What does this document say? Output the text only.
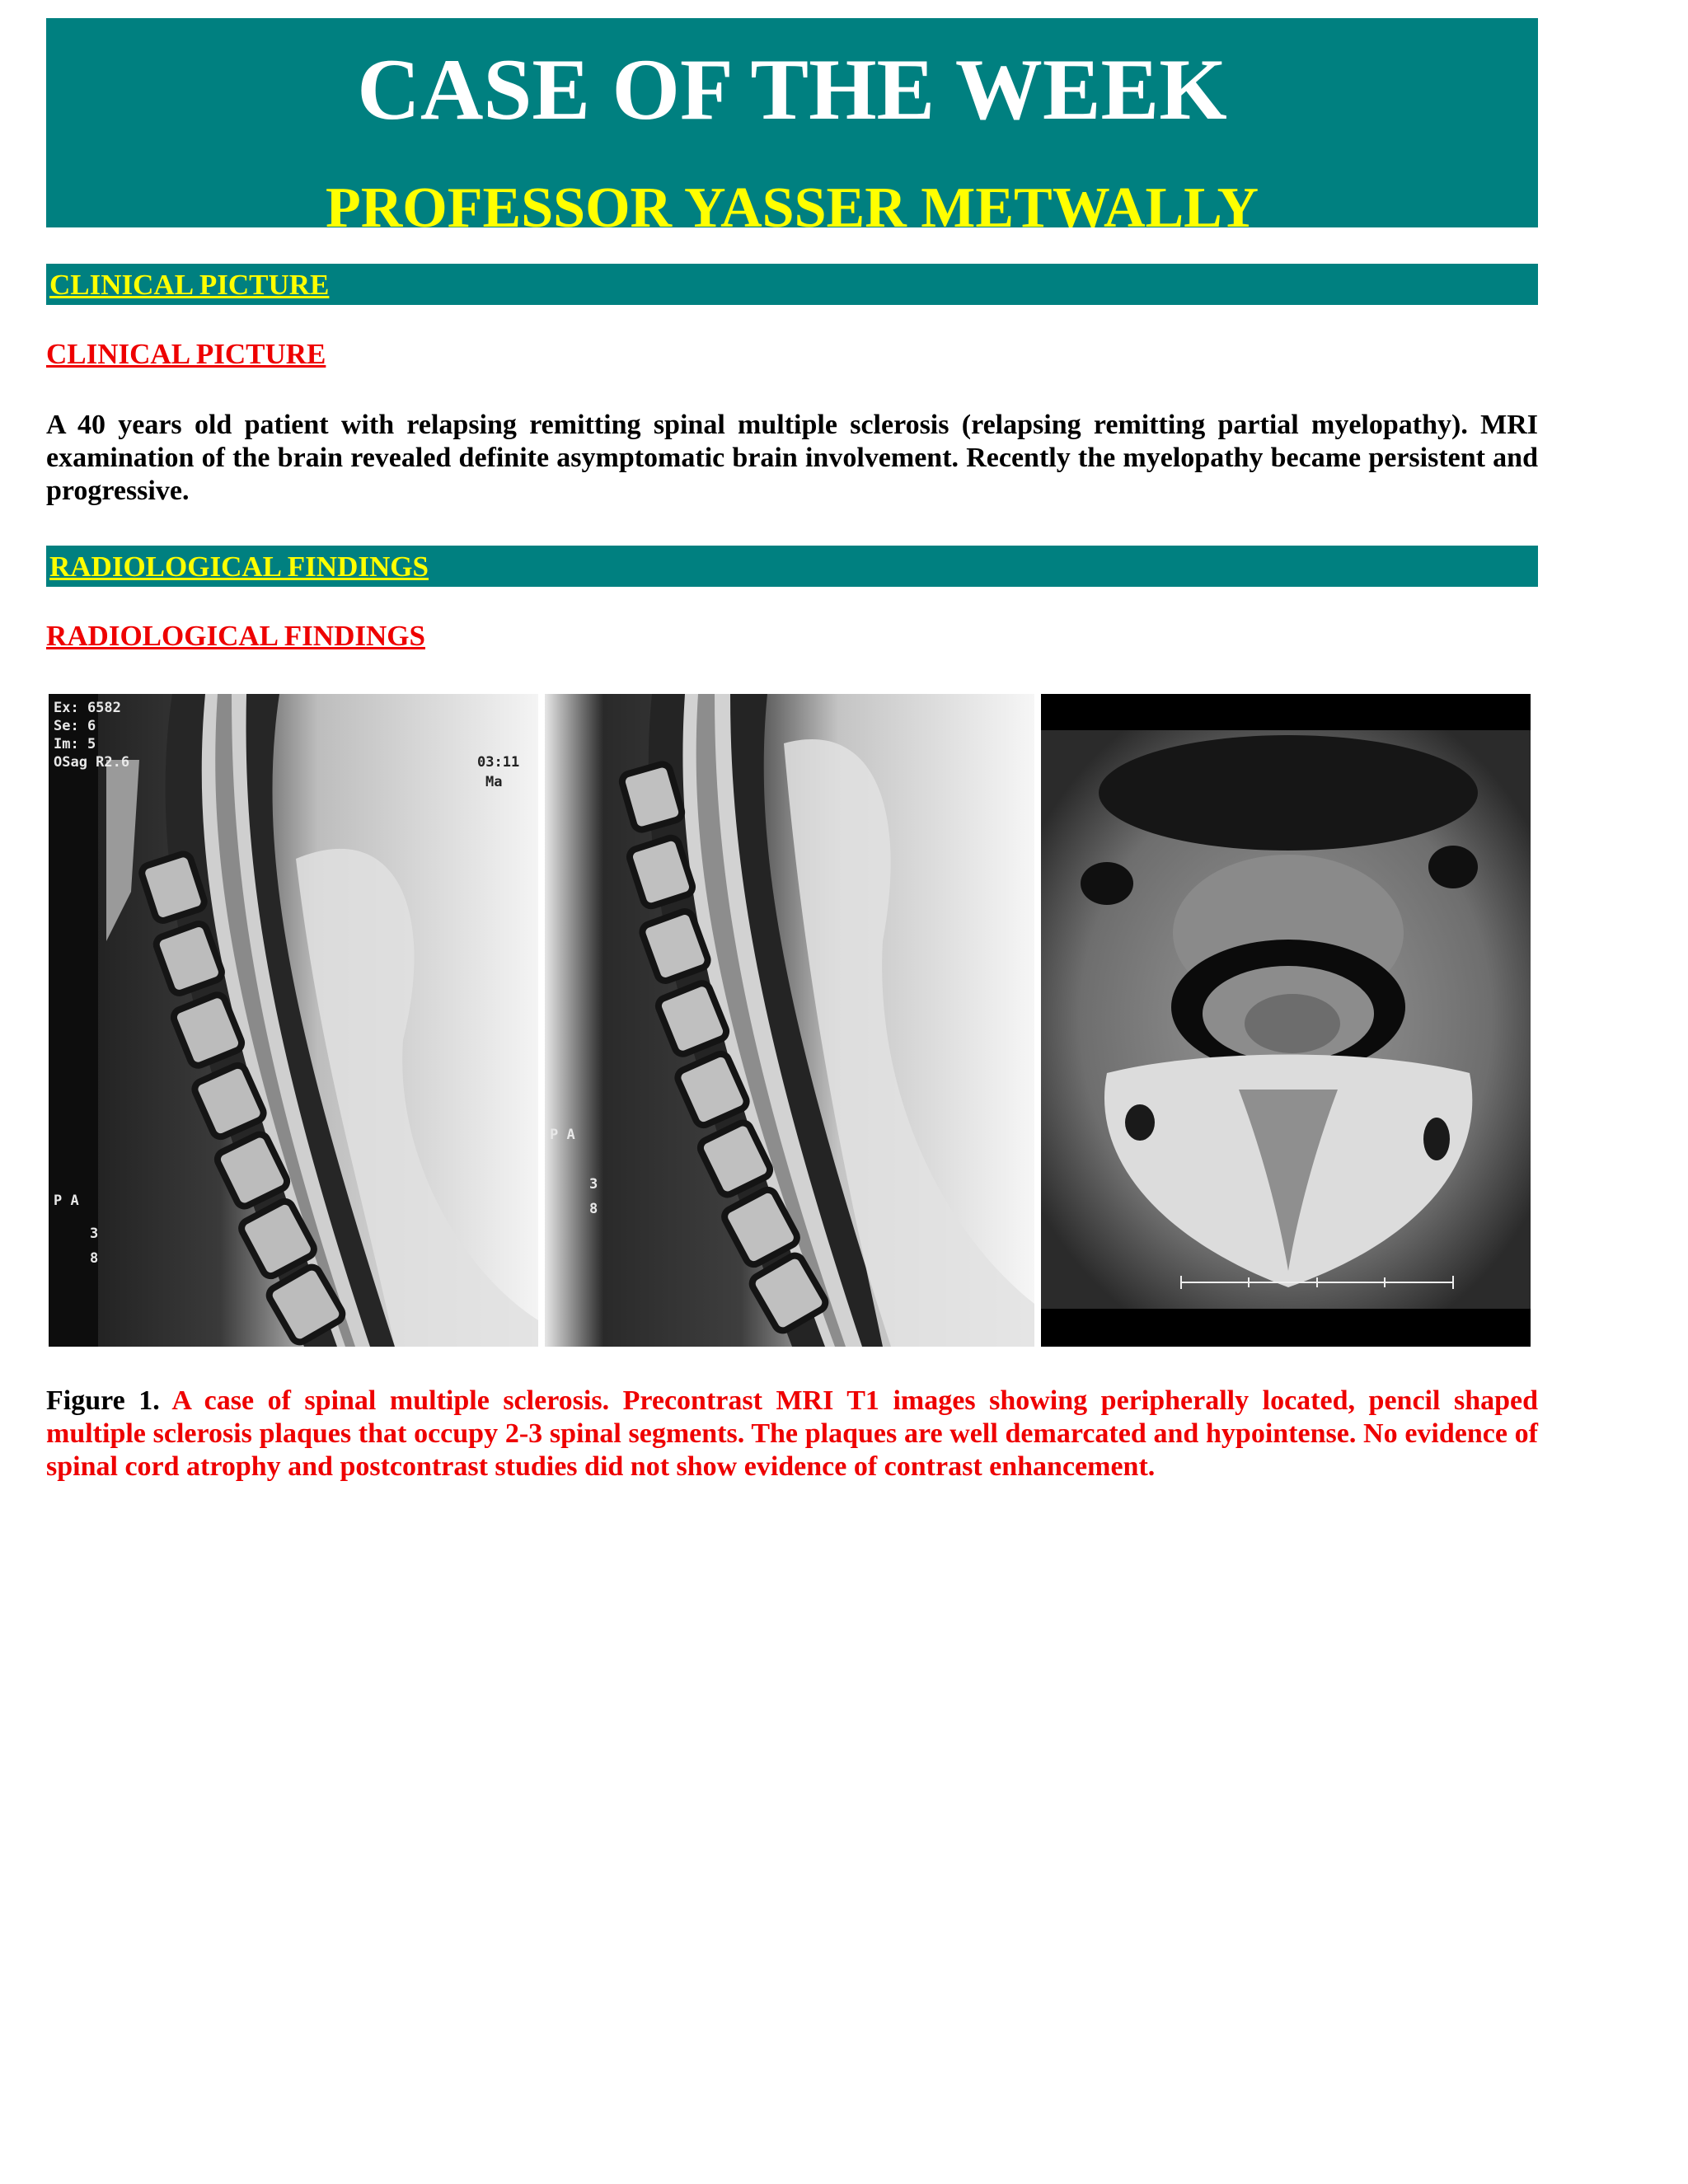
CASE OF THE WEEK
PROFESSOR YASSER METWALLY
CLINICAL PICTURE
CLINICAL PICTURE

A 40 years old patient with relapsing remitting spinal multiple sclerosis (relapsing remitting partial myelopathy). MRI examination of the brain revealed definite asymptomatic brain involvement. Recently the myelopathy became persistent and progressive.

RADIOLOGICAL FINDINGS
RADIOLOGICAL FINDINGS
Ex: 6582
Se: 6
Im: 5
OSag R2.6	03:11
Ma
P A
3
8
P A
3
8

Figure 1. A case of spinal multiple sclerosis. Precontrast MRI T1 images showing peripherally located, pencil shaped multiple sclerosis plaques that occupy 2-3 spinal segments. The plaques are well demarcated and hypointense. No evidence of spinal cord atrophy and postcontrast studies did not show evidence of contrast enhancement.
